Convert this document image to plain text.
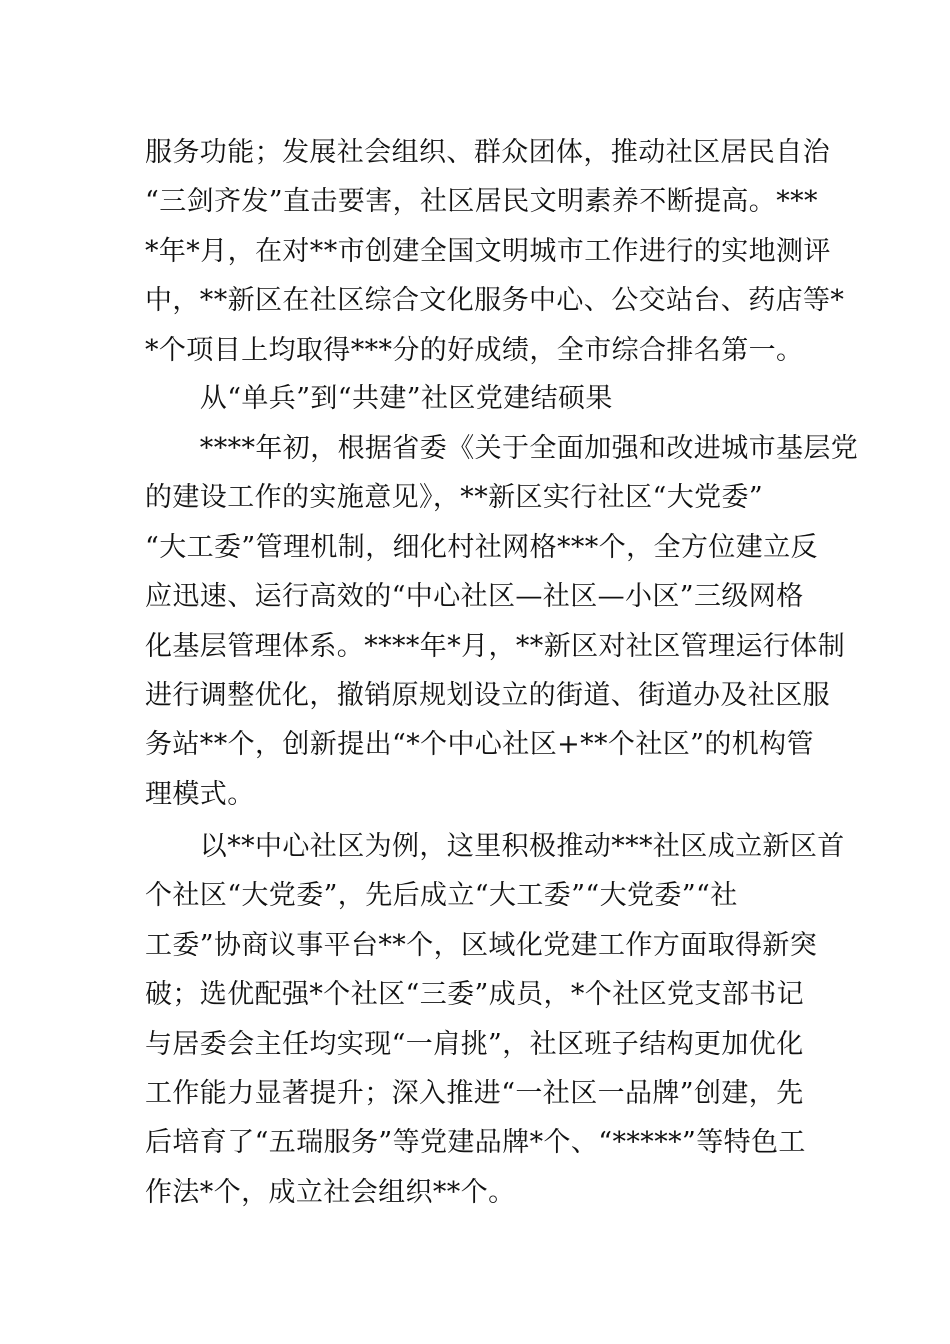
服务功能；发展社会组织、群众团体，推动社区居民自治
“三剑齐发”直击要害，社区居民文明素养不断提高。***
*年*月，在对**市创建全国文明城市工作进行的实地测评
中，**新区在社区综合文化服务中心、公交站台、药店等*
*个项目上均取得***分的好成绩，全市综合排名第一。
　　从“单兵”到“共建”社区党建结硕果
　　****年初，根据省委《关于全面加强和改进城市基层党
的建设工作的实施意见》，**新区实行社区“大党委”
“大工委”管理机制，细化村社网格***个，全方位建立反
应迅速、运行高效的“中心社区—社区—小区”三级网格
化基层管理体系。****年*月，**新区对社区管理运行体制
进行调整优化，撤销原规划设立的街道、街道办及社区服
务站**个，创新提出“*个中心社区+**个社区”的机构管
理模式。
　　以**中心社区为例，这里积极推动***社区成立新区首
个社区“大党委”，先后成立“大工委”“大党委”“社
工委”协商议事平台**个，区域化党建工作方面取得新突
破；选优配强*个社区“三委”成员，*个社区党支部书记
与居委会主任均实现“一肩挑”，社区班子结构更加优化
工作能力显著提升；深入推进“一社区一品牌”创建，先
后培育了“五瑞服务”等党建品牌*个、“*****”等特色工
作法*个，成立社会组织**个。
